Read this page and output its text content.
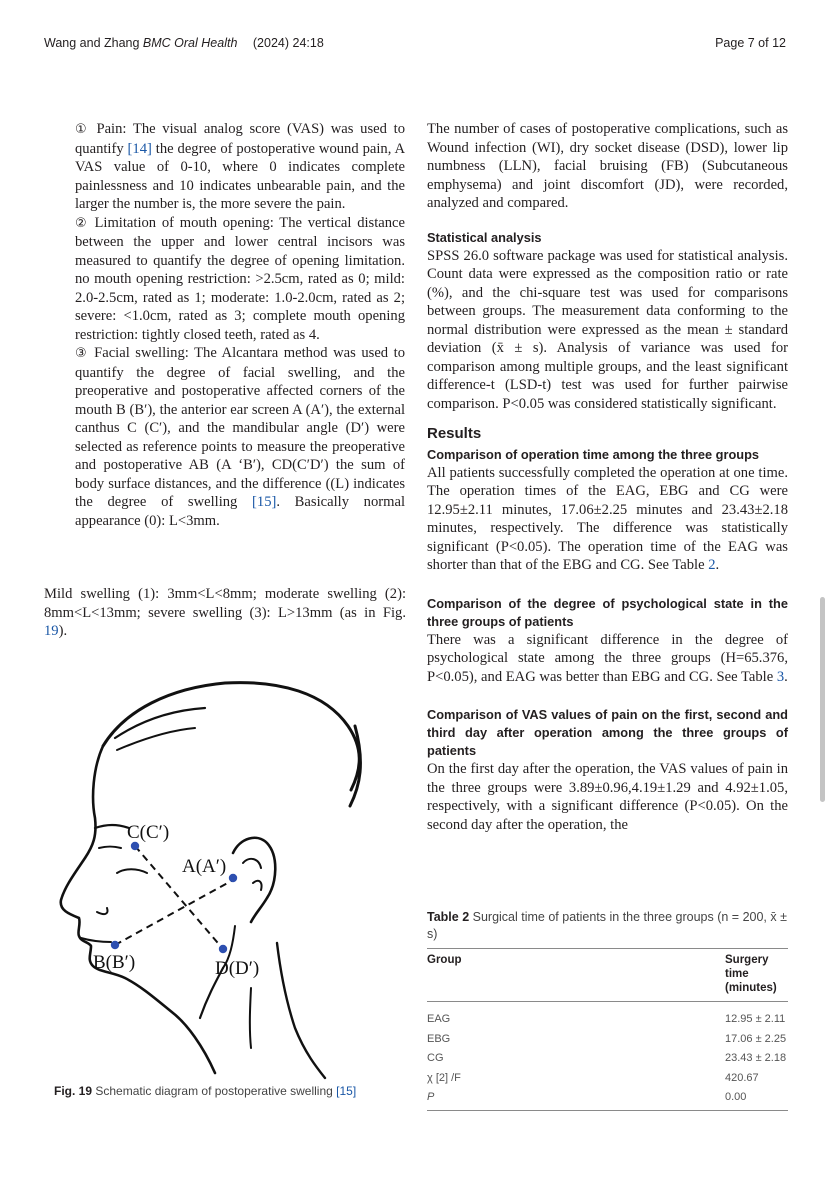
Wang and Zhang BMC Oral Health (2024) 24:18	Page 7 of 12

① Pain: The visual analog score (VAS) was used to quantify [14] the degree of postoperative wound pain, A VAS value of 0-10, where 0 indicates complete painlessness and 10 indicates unbearable pain, and the larger the number is, the more severe the pain.

② Limitation of mouth opening: The vertical distance between the upper and lower central incisors was measured to quantify the degree of opening limitation. no mouth opening restriction: >2.5cm, rated as 0; mild: 2.0-2.5cm, rated as 1; moderate: 1.0-2.0cm, rated as 2; severe: <1.0cm, rated as 3; complete mouth opening restriction: tightly closed teeth, rated as 4.

③ Facial swelling: The Alcantara method was used to quantify the degree of facial swelling, and the preoperative and postoperative affected corners of the mouth B (B′), the anterior ear screen A (A′), the external canthus C (C′), and the mandibular angle (D′) were selected as reference points to measure the preoperative and postoperative AB (A ‘B′), CD(C′D′) the sum of body surface distances, and the difference ((L) indicates the degree of swelling [15]. Basically normal appearance (0): L<3mm.

Mild swelling (1): 3mm<L<8mm; moderate swelling (2): 8mm<L<13mm; severe swelling (3): L>13mm (as in Fig. 19).

C(C′)
A(A′)
B(B′)	D(D′)
Fig. 19 Schematic diagram of postoperative swelling [15]

The number of cases of postoperative complications, such as Wound infection (WI), dry socket disease (DSD), lower lip numbness (LLN), facial bruising (FB) (Subcutaneous emphysema) and joint discomfort (JD), were recorded, analyzed and compared.

Statistical analysis

SPSS 26.0 software package was used for statistical analysis. Count data were expressed as the composition ratio or rate (%), and the chi-square test was used for comparisons between groups. The measurement data conforming to the normal distribution were expressed as the mean ± standard deviation (x̄ ± s). Analysis of variance was used for comparison among multiple groups, and the least significant difference-t (LSD-t) test was used for further pairwise comparison. P<0.05 was considered statistically significant.

Results
Comparison of operation time among the three groups

All patients successfully completed the operation at one time. The operation times of the EAG, EBG and CG were 12.95±2.11 minutes, 17.06±2.25 minutes and 23.43±2.18 minutes, respectively. The difference was statistically significant (P<0.05). The operation time of the EAG was shorter than that of the EBG and CG. See Table 2.

Comparison of the degree of psychological state in the three groups of patients

There was a significant difference in the degree of psychological state among the three groups (H=65.376, P<0.05), and EAG was better than EBG and CG. See Table 3.

Comparison of VAS values of pain on the first, second and third day after operation among the three groups of patients

On the first day after the operation, the VAS values of pain in the three groups were 3.89±0.96,4.19±1.29 and 4.92±1.05, respectively, with a significant difference (P<0.05). On the second day after the operation, the

Table 2 Surgical time of patients in the three groups (n = 200, x̄ ± s)
Group	Surgery time (minutes)
EAG	12.95 ± 2.11
EBG	17.06 ± 2.25
CG	23.43 ± 2.18
χ [2] /F	420.67
P	0.00
